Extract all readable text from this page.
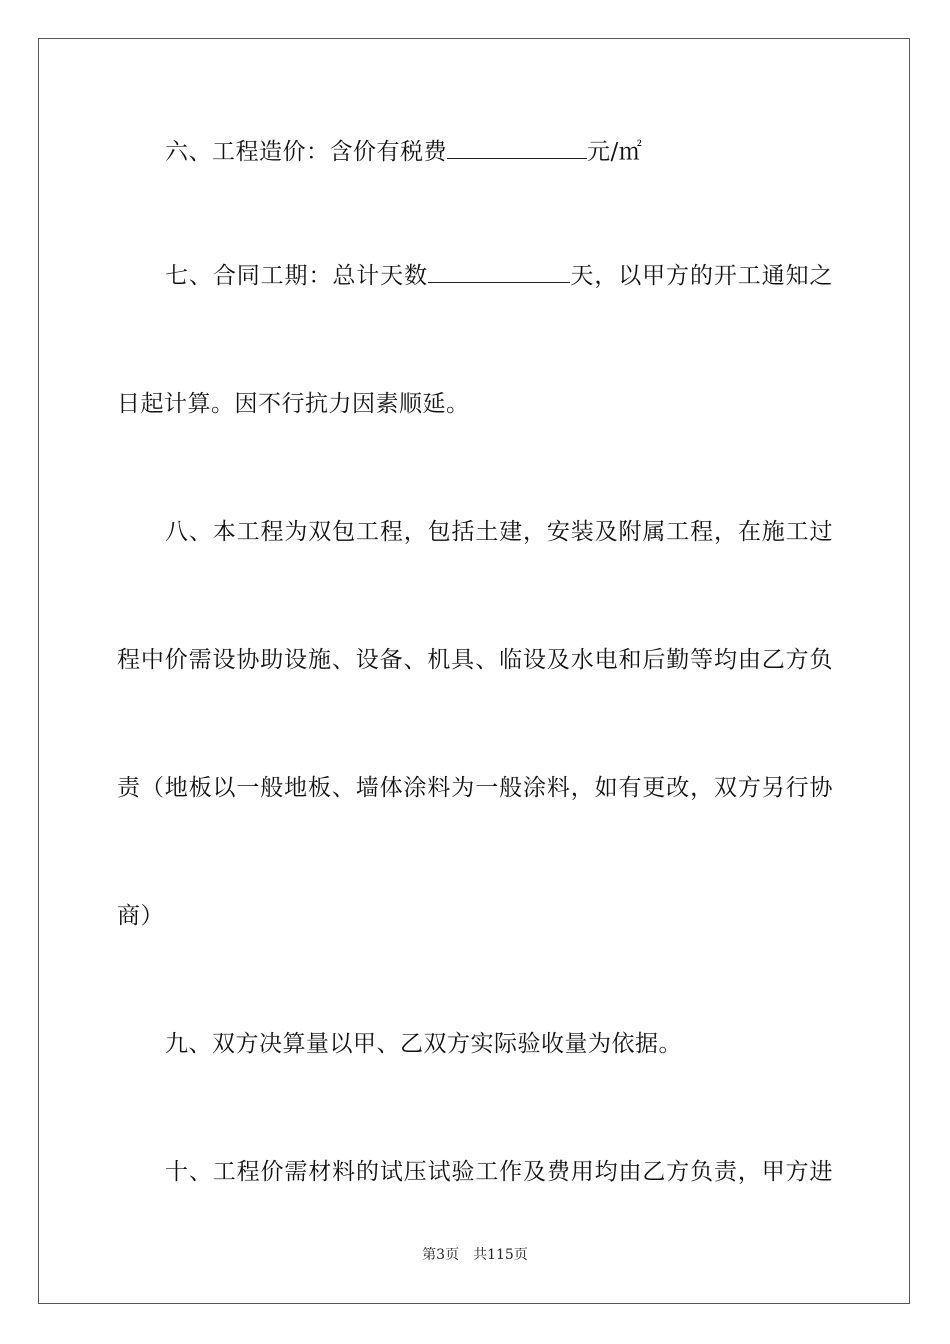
六、工程造价：含价有税费	元/㎡
七、合同工期：总计天数	天，以甲方的开工通知之
日起计算。因不行抗力因素顺延。
八、本工程为双包工程，包括土建，安装及附属工程，在施工过
程中价需设协助设施、设备、机具、临设及水电和后勤等均由乙方负
责（地板以一般地板、墙体涂料为一般涂料，如有更改，双方另行协
商）
九、双方决算量以甲、乙双方实际验收量为依据。
十、工程价需材料的试压试验工作及费用均由乙方负责，甲方进
第3页 共115页
